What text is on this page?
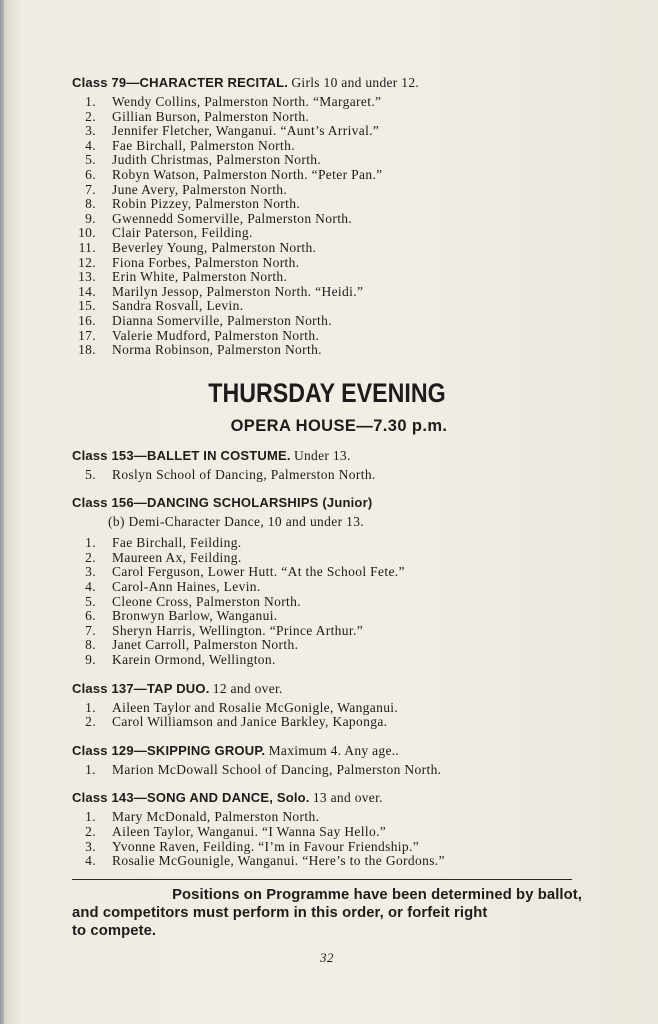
Class 79—CHARACTER RECITAL. Girls 10 and under 12.

1. Wendy Collins, Palmerston North. “Margaret.”
2. Gillian Burson, Palmerston North.
3. Jennifer Fletcher, Wanganui. “Aunt’s Arrival.”
4. Fae Birchall, Palmerston North.
5. Judith Christmas, Palmerston North.
6. Robyn Watson, Palmerston North. “Peter Pan.”
7. June Avery, Palmerston North.
8. Robin Pizzey, Palmerston North.
9. Gwennedd Somerville, Palmerston North.
10. Clair Paterson, Feilding.
11. Beverley Young, Palmerston North.
12. Fiona Forbes, Palmerston North.
13. Erin White, Palmerston North.
14. Marilyn Jessop, Palmerston North. “Heidi.”
15. Sandra Rosvall, Levin.
16. Dianna Somerville, Palmerston North.
17. Valerie Mudford, Palmerston North.
18. Norma Robinson, Palmerston North.
THURSDAY EVENING
OPERA HOUSE—7.30 p.m.

Class 153—BALLET IN COSTUME. Under 13.

5. Roslyn School of Dancing, Palmerston North.

Class 156—DANCING SCHOLARSHIPS (Junior)

(b) Demi-Character Dance, 10 and under 13.
1. Fae Birchall, Feilding.
2. Maureen Ax, Feilding.
3. Carol Ferguson, Lower Hutt. “At the School Fete.”
4. Carol-Ann Haines, Levin.
5. Cleone Cross, Palmerston North.
6. Bronwyn Barlow, Wanganui.
7. Sheryn Harris, Wellington. “Prince Arthur.”
8. Janet Carroll, Palmerston North.
9. Karein Ormond, Wellington.

Class 137—TAP DUO. 12 and over.

1. Aileen Taylor and Rosalie McGonigle, Wanganui.
2. Carol Williamson and Janice Barkley, Kaponga.

Class 129—SKIPPING GROUP. Maximum 4. Any age..

1. Marion McDowall School of Dancing, Palmerston North.

Class 143—SONG AND DANCE, Solo. 13 and over.

1. Mary McDonald, Palmerston North.
2. Aileen Taylor, Wanganui. “I Wanna Say Hello.”
3. Yvonne Raven, Feilding. “I’m in Favour Friendship.”
4. Rosalie McGounigle, Wanganui. “Here’s to the Gordons.”
Positions on Programme have been determined by ballot,
and competitors must perform in this order, or forfeit right
to compete.
32
